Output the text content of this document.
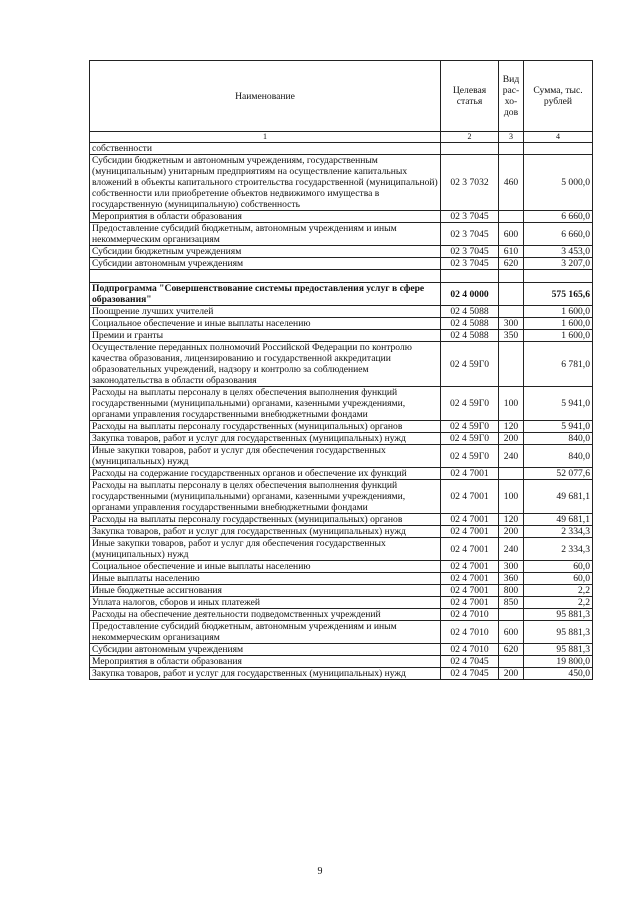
Наименование	Целевая статья	Вид рас- хо- дов	Сумма, тыс. рублей
1	2	3	4
собственности			
Субсидии бюджетным и автономным учреждениям, государственным (муниципальным) унитарным предприятиям на осуществление капитальных вложений в объекты капитального строительства государственной (муниципальной) собственности или приобретение объектов недвижимого имущества в государственную (муниципальную) собственность	02 3 7032	460	5 000,0
Мероприятия в области образования	02 3 7045		6 660,0
Предоставление субсидий бюджетным, автономным учреждениям и иным некоммерческим организациям	02 3 7045	600	6 660,0
Субсидии бюджетным учреждениям	02 3 7045	610	3 453,0
Субсидии автономным учреждениям	02 3 7045	620	3 207,0

Подпрограмма "Совершенствование системы предоставления услуг в сфере образования"	02 4 0000		575 165,6
Поощрение лучших учителей	02 4 5088		1 600,0
Социальное обеспечение и иные выплаты населению	02 4 5088	300	1 600,0
Премии и гранты	02 4 5088	350	1 600,0
Осуществление переданных полномочий Российской Федерации по контролю качества образования, лицензированию и государственной аккредитации образовательных учреждений, надзору и контролю за соблюдением законодательства в области образования	02 4 59Г0		6 781,0
Расходы на выплаты персоналу в целях обеспечения выполнения функций государственными (муниципальными) органами, казенными учреждениями, органами управления государственными внебюджетными фондами	02 4 59Г0	100	5 941,0
Расходы на выплаты персоналу государственных (муниципальных) органов	02 4 59Г0	120	5 941,0
Закупка товаров, работ и услуг для государственных (муниципальных) нужд	02 4 59Г0	200	840,0
Иные закупки товаров, работ и услуг для обеспечения государственных (муниципальных) нужд	02 4 59Г0	240	840,0
Расходы на содержание государственных органов и обеспечение их функций	02 4 7001		52 077,6
Расходы на выплаты персоналу в целях обеспечения выполнения функций государственными (муниципальными) органами, казенными учреждениями, органами управления государственными внебюджетными фондами	02 4 7001	100	49 681,1
Расходы на выплаты персоналу государственных (муниципальных) органов	02 4 7001	120	49 681,1
Закупка товаров, работ и услуг для государственных (муниципальных) нужд	02 4 7001	200	2 334,3
Иные закупки товаров, работ и услуг для обеспечения государственных (муниципальных) нужд	02 4 7001	240	2 334,3
Социальное обеспечение и иные выплаты населению	02 4 7001	300	60,0
Иные выплаты населению	02 4 7001	360	60,0
Иные бюджетные ассигнования	02 4 7001	800	2,2
Уплата налогов, сборов и иных платежей	02 4 7001	850	2,2
Расходы на обеспечение деятельности подведомственных учреждений	02 4 7010		95 881,3
Предоставление субсидий бюджетным, автономным учреждениям и иным некоммерческим организациям	02 4 7010	600	95 881,3
Субсидии автономным учреждениям	02 4 7010	620	95 881,3
Мероприятия в области образования	02 4 7045		19 800,0
Закупка товаров, работ и услуг для государственных (муниципальных) нужд	02 4 7045	200	450,0
9
